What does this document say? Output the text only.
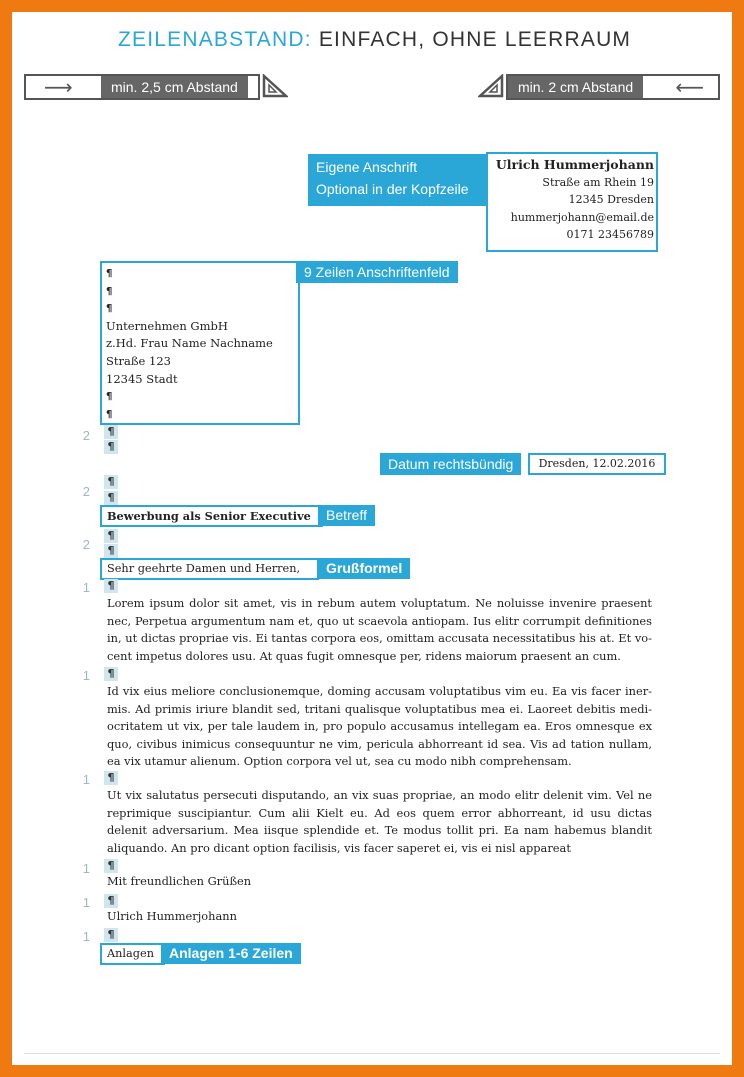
ZEILENABSTAND: EINFACH, OHNE LEERRAUM
⟶	min. 2,5 cm Abstand	min. 2 cm Abstand	⟵
Eigene Anschrift
Optional in der Kopfzeile
Ulrich Hummerjohann
Straße am Rhein 19
12345 Dresden
hummerjohann@email.de
0171 23456789
¶
¶
¶
Unternehmen GmbH
z.Hd. Frau Name Nachname
Straße 123
12345 Stadt
¶
¶
9 Zeilen Anschriftenfeld
2	¶
¶
Datum rechtsbündig	Dresden, 12.02.2016
2
¶
¶
Bewerbung als Senior Executive	Betreff
2
¶
¶
Sehr geehrte Damen und Herren,	Grußformel
1	¶
Lorem ipsum dolor sit amet, vis in rebum autem voluptatum. Ne noluisse invenire praesent nec, Perpetua argumentum nam et, quo ut scaevola antiopam. Ius elitr corrumpit definitiones in, ut dictas propriae vis. Ei tantas corpora eos, omittam accusata necessitatibus his at. Et vo-cent impetus dolores usu. At quas fugit omnesque per, ridens maiorum praesent an cum.
1	¶
Id vix eius meliore conclusionemque, doming accusam voluptatibus vim eu. Ea vis facer iner-mis. Ad primis iriure blandit sed, tritani qualisque voluptatibus mea ei. Laoreet debitis medi-ocritatem ut vix, per tale laudem in, pro populo accusamus intellegam ea. Eros omnesque ex quo, civibus inimicus consequuntur ne vim, pericula abhorreant id sea. Vis ad tation nullam, ea vix utamur alienum. Option corpora vel ut, sea cu modo nibh comprehensam.
1	¶
Ut vix salutatus persecuti disputando, an vix suas propriae, an modo elitr delenit vim. Vel ne reprimique suscipiantur. Cum alii Kielt eu. Ad eos quem error abhorreant, id usu dictas delenit adversarium. Mea iisque splendide et. Te modus tollit pri. Ea nam habemus blandit aliquando. An pro dicant option facilisis, vis facer saperet ei, vis ei nisl appareat
1	¶
Mit freundlichen Grüßen
1	¶
Ulrich Hummerjohann
1	¶
Anlagen	Anlagen 1-6 Zeilen
